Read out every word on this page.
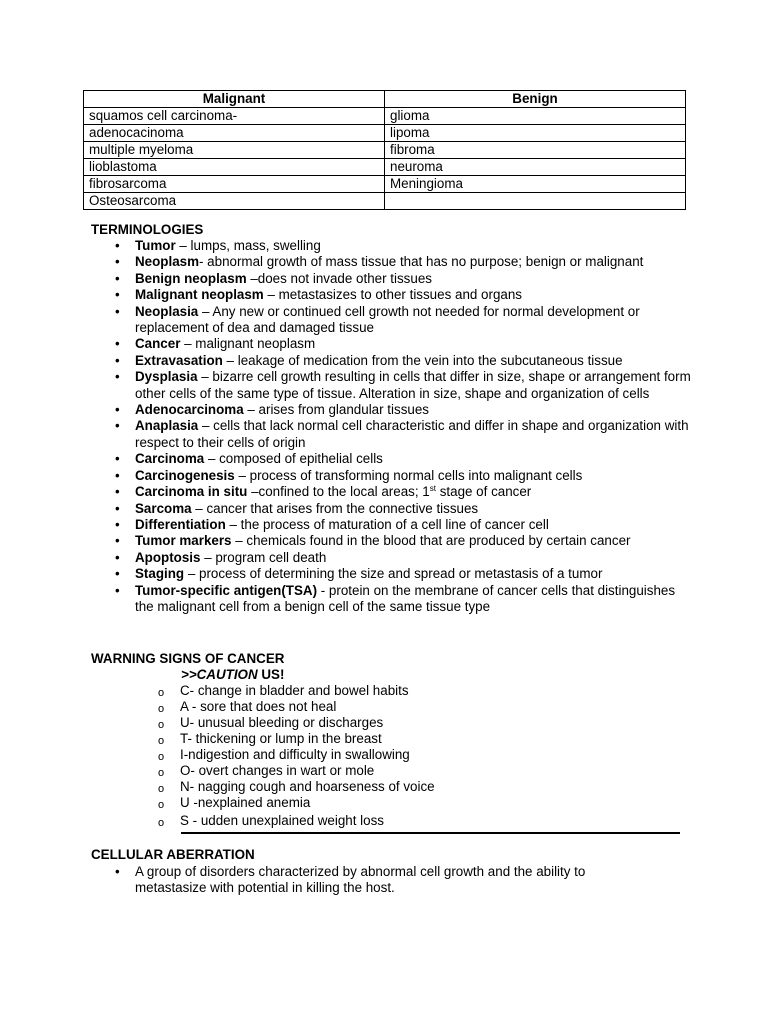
Malignant	Benign
squamos cell carcinoma-	glioma
adenocacinoma	lipoma
multiple myeloma	fibroma
lioblastoma	neuroma
fibrosarcoma	Meningioma
Osteosarcoma	
TERMINOLOGIES
• Tumor – lumps, mass, swelling
• Neoplasm- abnormal growth of mass tissue that has no purpose; benign or malignant
• Benign neoplasm –does not invade other tissues
• Malignant neoplasm – metastasizes to other tissues and organs
• Neoplasia – Any new or continued cell growth not needed for normal development or replacement of dea and damaged tissue
• Cancer – malignant neoplasm
• Extravasation – leakage of medication from the vein into the subcutaneous tissue
• Dysplasia – bizarre cell growth resulting in cells that differ in size, shape or arrangement form other cells of the same type of tissue. Alteration in size, shape and organization of cells
• Adenocarcinoma – arises from glandular tissues
• Anaplasia – cells that lack normal cell characteristic and differ in shape and organization with respect to their cells of origin
• Carcinoma – composed of epithelial cells
• Carcinogenesis – process of transforming normal cells into malignant cells
• Carcinoma in situ –confined to the local areas; 1st stage of cancer
• Sarcoma – cancer that arises from the connective tissues
• Differentiation – the process of maturation of a cell line of cancer cell
• Tumor markers – chemicals found in the blood that are produced by certain cancer
• Apoptosis – program cell death
• Staging – process of determining the size and spread or metastasis of a tumor
• Tumor-specific antigen(TSA) - protein on the membrane of cancer cells that distinguishes the malignant cell from a benign cell of the same tissue type
WARNING SIGNS OF CANCER
>>CAUTION US!
o C- change in bladder and bowel habits
o A - sore that does not heal
o U- unusual bleeding or discharges
o T- thickening or lump in the breast
o I-ndigestion and difficulty in swallowing
o O- overt changes in wart or mole
o N- nagging cough and hoarseness of voice
o U -nexplained anemia
o S - udden unexplained weight loss
CELLULAR ABERRATION
• A group of disorders characterized by abnormal cell growth and the ability to metastasize with potential in killing the host.
